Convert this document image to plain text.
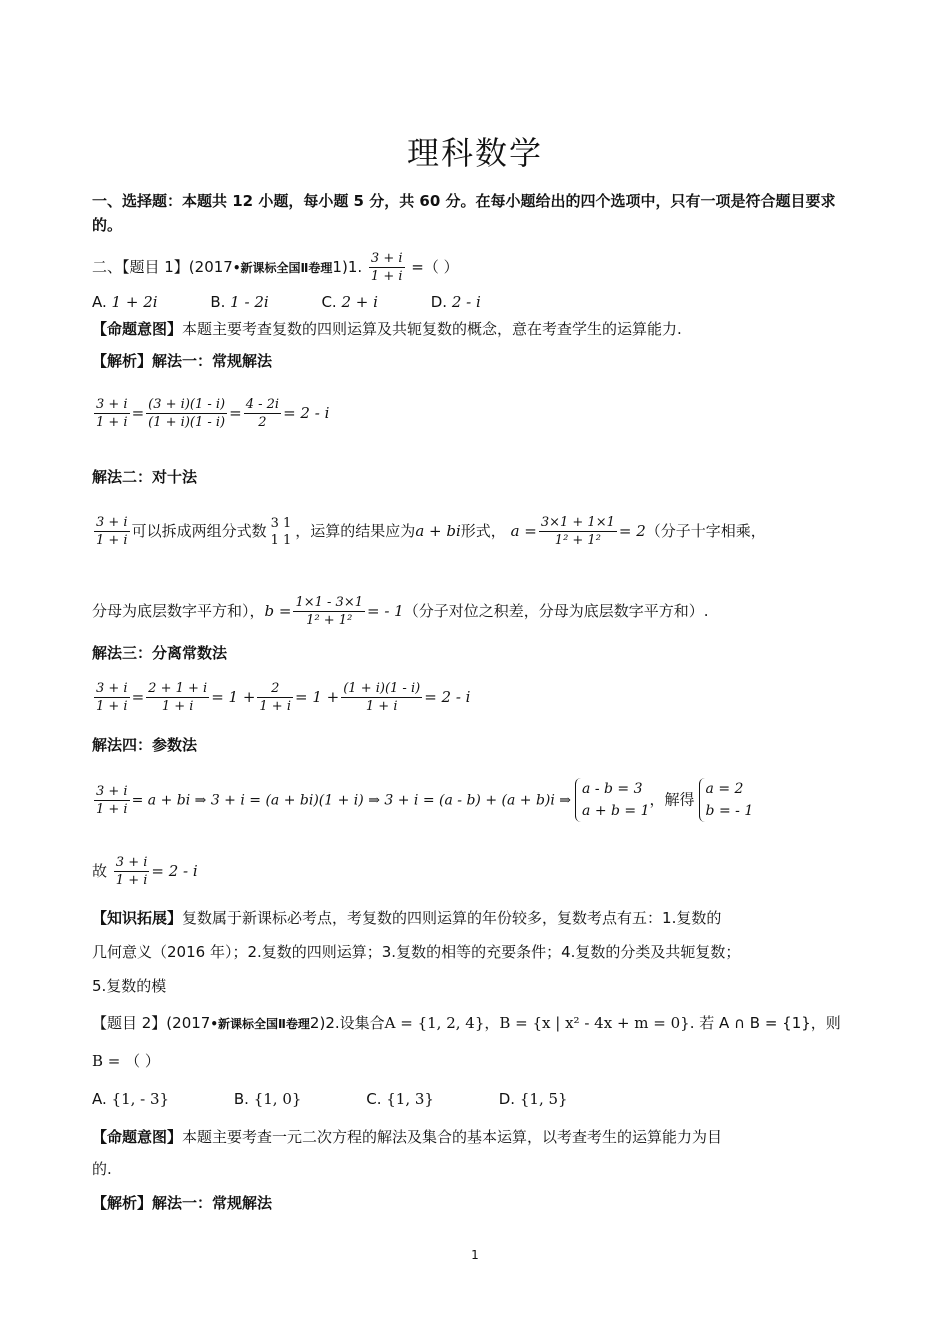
理科数学
一、选择题：本题共 12 小题，每小题 5 分，共 60 分。在每小题给出的四个选项中，只有一项是符合题目要求
的。
二、【题目 1】(2017•新课标全国Ⅱ卷理1)1. $\frac{3 + i}{1 + i}$ =（ ）
A. 1 + 2i	B. 1 - 2i	C. 2 + i	D. 2 - i
【命题意图】本题主要考查复数的四则运算及共轭复数的概念，意在考查学生的运算能力.
【解析】解法一：常规解法
$\frac{3 + i}{1 + i} = \frac{(3 + i)(1 - i)}{(1 + i)(1 - i)} = \frac{4 - 2i}{2} = 2 - i$
解法二：对十法
$\frac{3 + i}{1 + i}$ 可以拆成两组分式数 3 1
1 1 ，运算的结果应为a + bi形式， $a = \frac{3\times 1 + 1\times 1}{\text{1² + 1²}} = 2$（分子十字相乘，
分母为底层数字平方和），$b = \frac{1\times 1 - 3\times 1}{\text{1² + 1²}}$ = - 1（分子对位之积差，分母为底层数字平方和）.
解法三：分离常数法
$\frac{3 + i}{1 + i} = \frac{2 + 1 + i}{1 + i} = 1 + \frac{2}{1 + i} = 1 + \frac{(1 + i)(1 - i)}{1 + i} = 2 - i$
解法四：参数法
$\frac{3 + i}{1 + i} = a$ + bi ⇒ 3 + i = (a + bi)(1 + i) ⇒ 3 + i = (a - b) + (a + b)i ⇒
a - b = 3
a + b = 1
，解得
a = 2
b = - 1
故 $\frac{3 + i}{1 + i} = 2 - i$
【知识拓展】复数属于新课标必考点，考复数的四则运算的年份较多，复数考点有五：1.复数的
几何意义（2016 年）；2.复数的四则运算；3.复数的相等的充要条件；4.复数的分类及共轭复数；
5.复数的模
【题目 2】(2017•新课标全国Ⅱ卷理2)2.设集合A = {1, 2, 4}，B = {x | x² - 4x + m = 0}. 若 A ∩ B = {1}，则
B = （ ）
A. {1, - 3}	B. {1, 0}	C. {1, 3}	D. {1, 5}
【命题意图】本题主要考查一元二次方程的解法及集合的基本运算，以考查考生的运算能力为目
的.
【解析】解法一：常规解法
1
